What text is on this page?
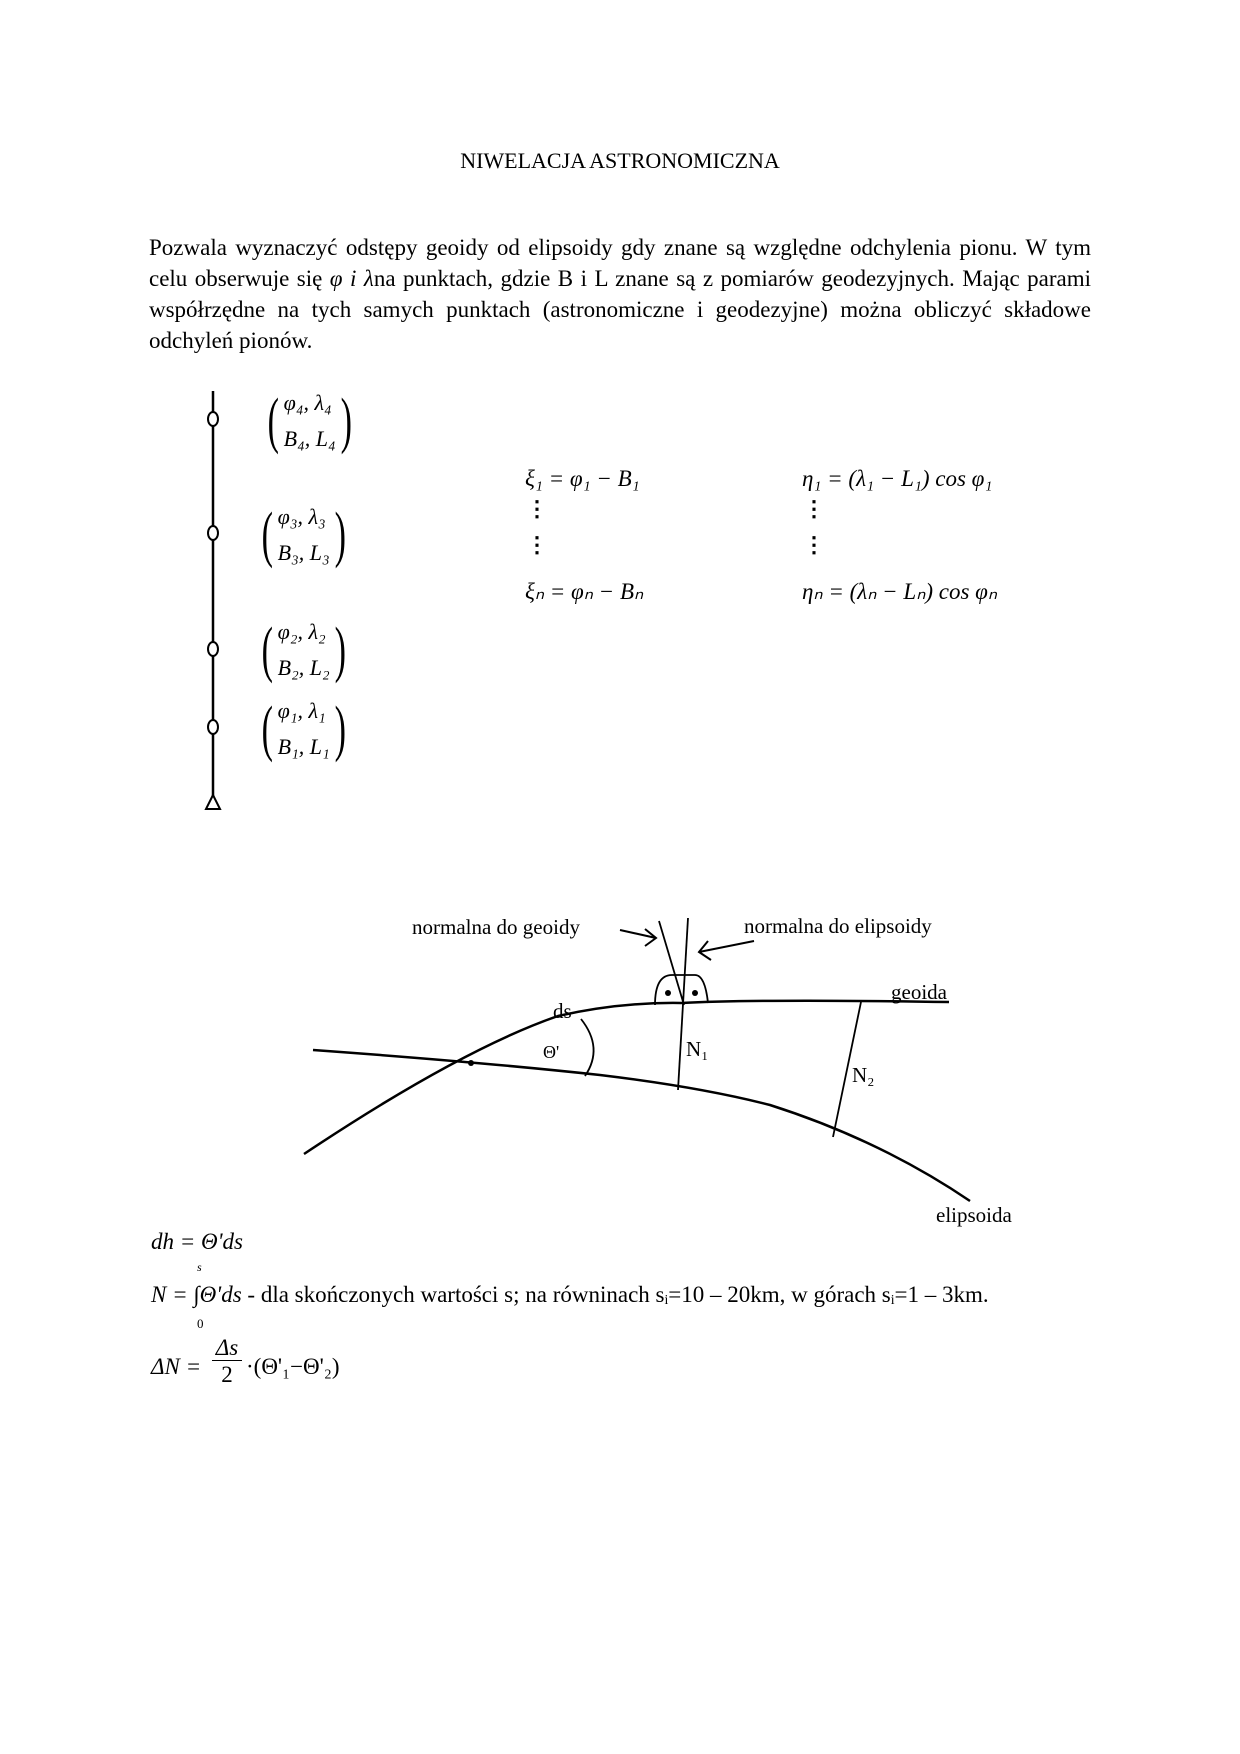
NIWELACJA ASTRONOMICZNA
Pozwala wyznaczyć odstępy geoidy od elipsoidy gdy znane są względne odchylenia pionu. W tym celu obserwuje się φ i λna punktach, gdzie B i L znane są z pomiarów geodezyjnych. Mając parami współrzędne na tych samych punktach (astronomiczne i geodezyjne) można obliczyć składowe odchyleń pionów.
( φ₄, λ₄
B₄, L₄ )
( φ₃, λ₃
B₃, L₃ )
( φ₂, λ₂
B₂, L₂ )
( φ₁, λ₁
B₁, L₁ )
ξ₁ = φ₁ − B₁
⋮
⋮
ξₙ = φₙ − Bₙ
η₁ = (λ₁ − L₁) cos φ₁
⋮
⋮
ηₙ = (λₙ − Lₙ) cos φₙ
normalna do geoidy	normalna do elipsoidy
geoida
elipsoida
ds
Θ'	N₁
N₂
dh = Θ'ds
N = ∫Θ'ds - dla skończonych wartości s; na równinach sᵢ=10 – 20km, w górach sᵢ=1 – 3km.
s
0
ΔN =
Δs
2 ·(Θ'₁−Θ'₂)
